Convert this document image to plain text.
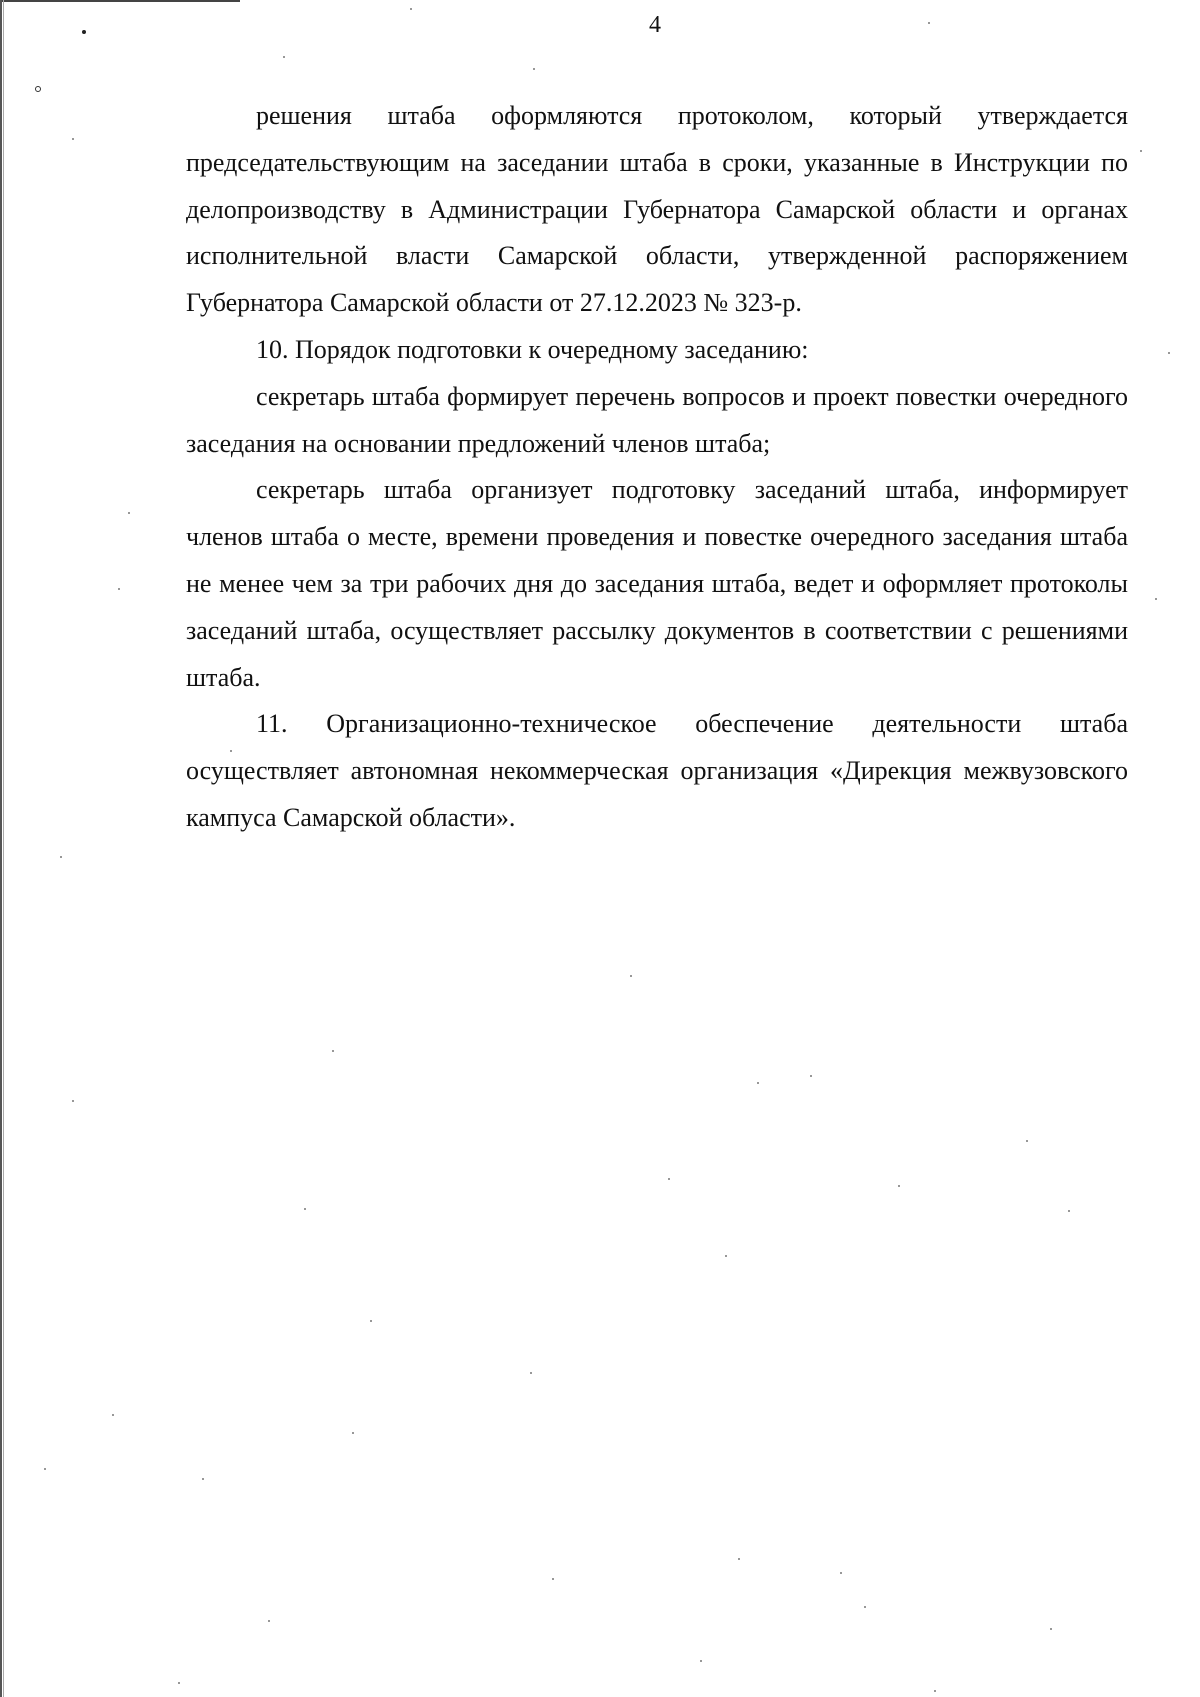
4

решения штаба оформляются протоколом, который утверждается председательствующим на заседании штаба в сроки, указанные в Инструкции по делопроизводству в Администрации Губернатора Самарской области и органах исполнительной власти Самарской области, утвержденной распоряжением Губернатора Самарской области от 27.12.2023 № 323-р.

10. Порядок подготовки к очередному заседанию:

секретарь штаба формирует перечень вопросов и проект повестки очередного заседания на основании предложений членов штаба;

секретарь штаба организует подготовку заседаний штаба, информирует членов штаба о месте, времени проведения и повестке очередного заседания штаба не менее чем за три рабочих дня до заседания штаба, ведет и оформляет протоколы заседаний штаба, осуществляет рассылку документов в соответствии с решениями штаба.

11. Организационно-техническое обеспечение деятельности штаба осуществляет автономная некоммерческая организация «Дирекция межвузовского кампуса Самарской области».
